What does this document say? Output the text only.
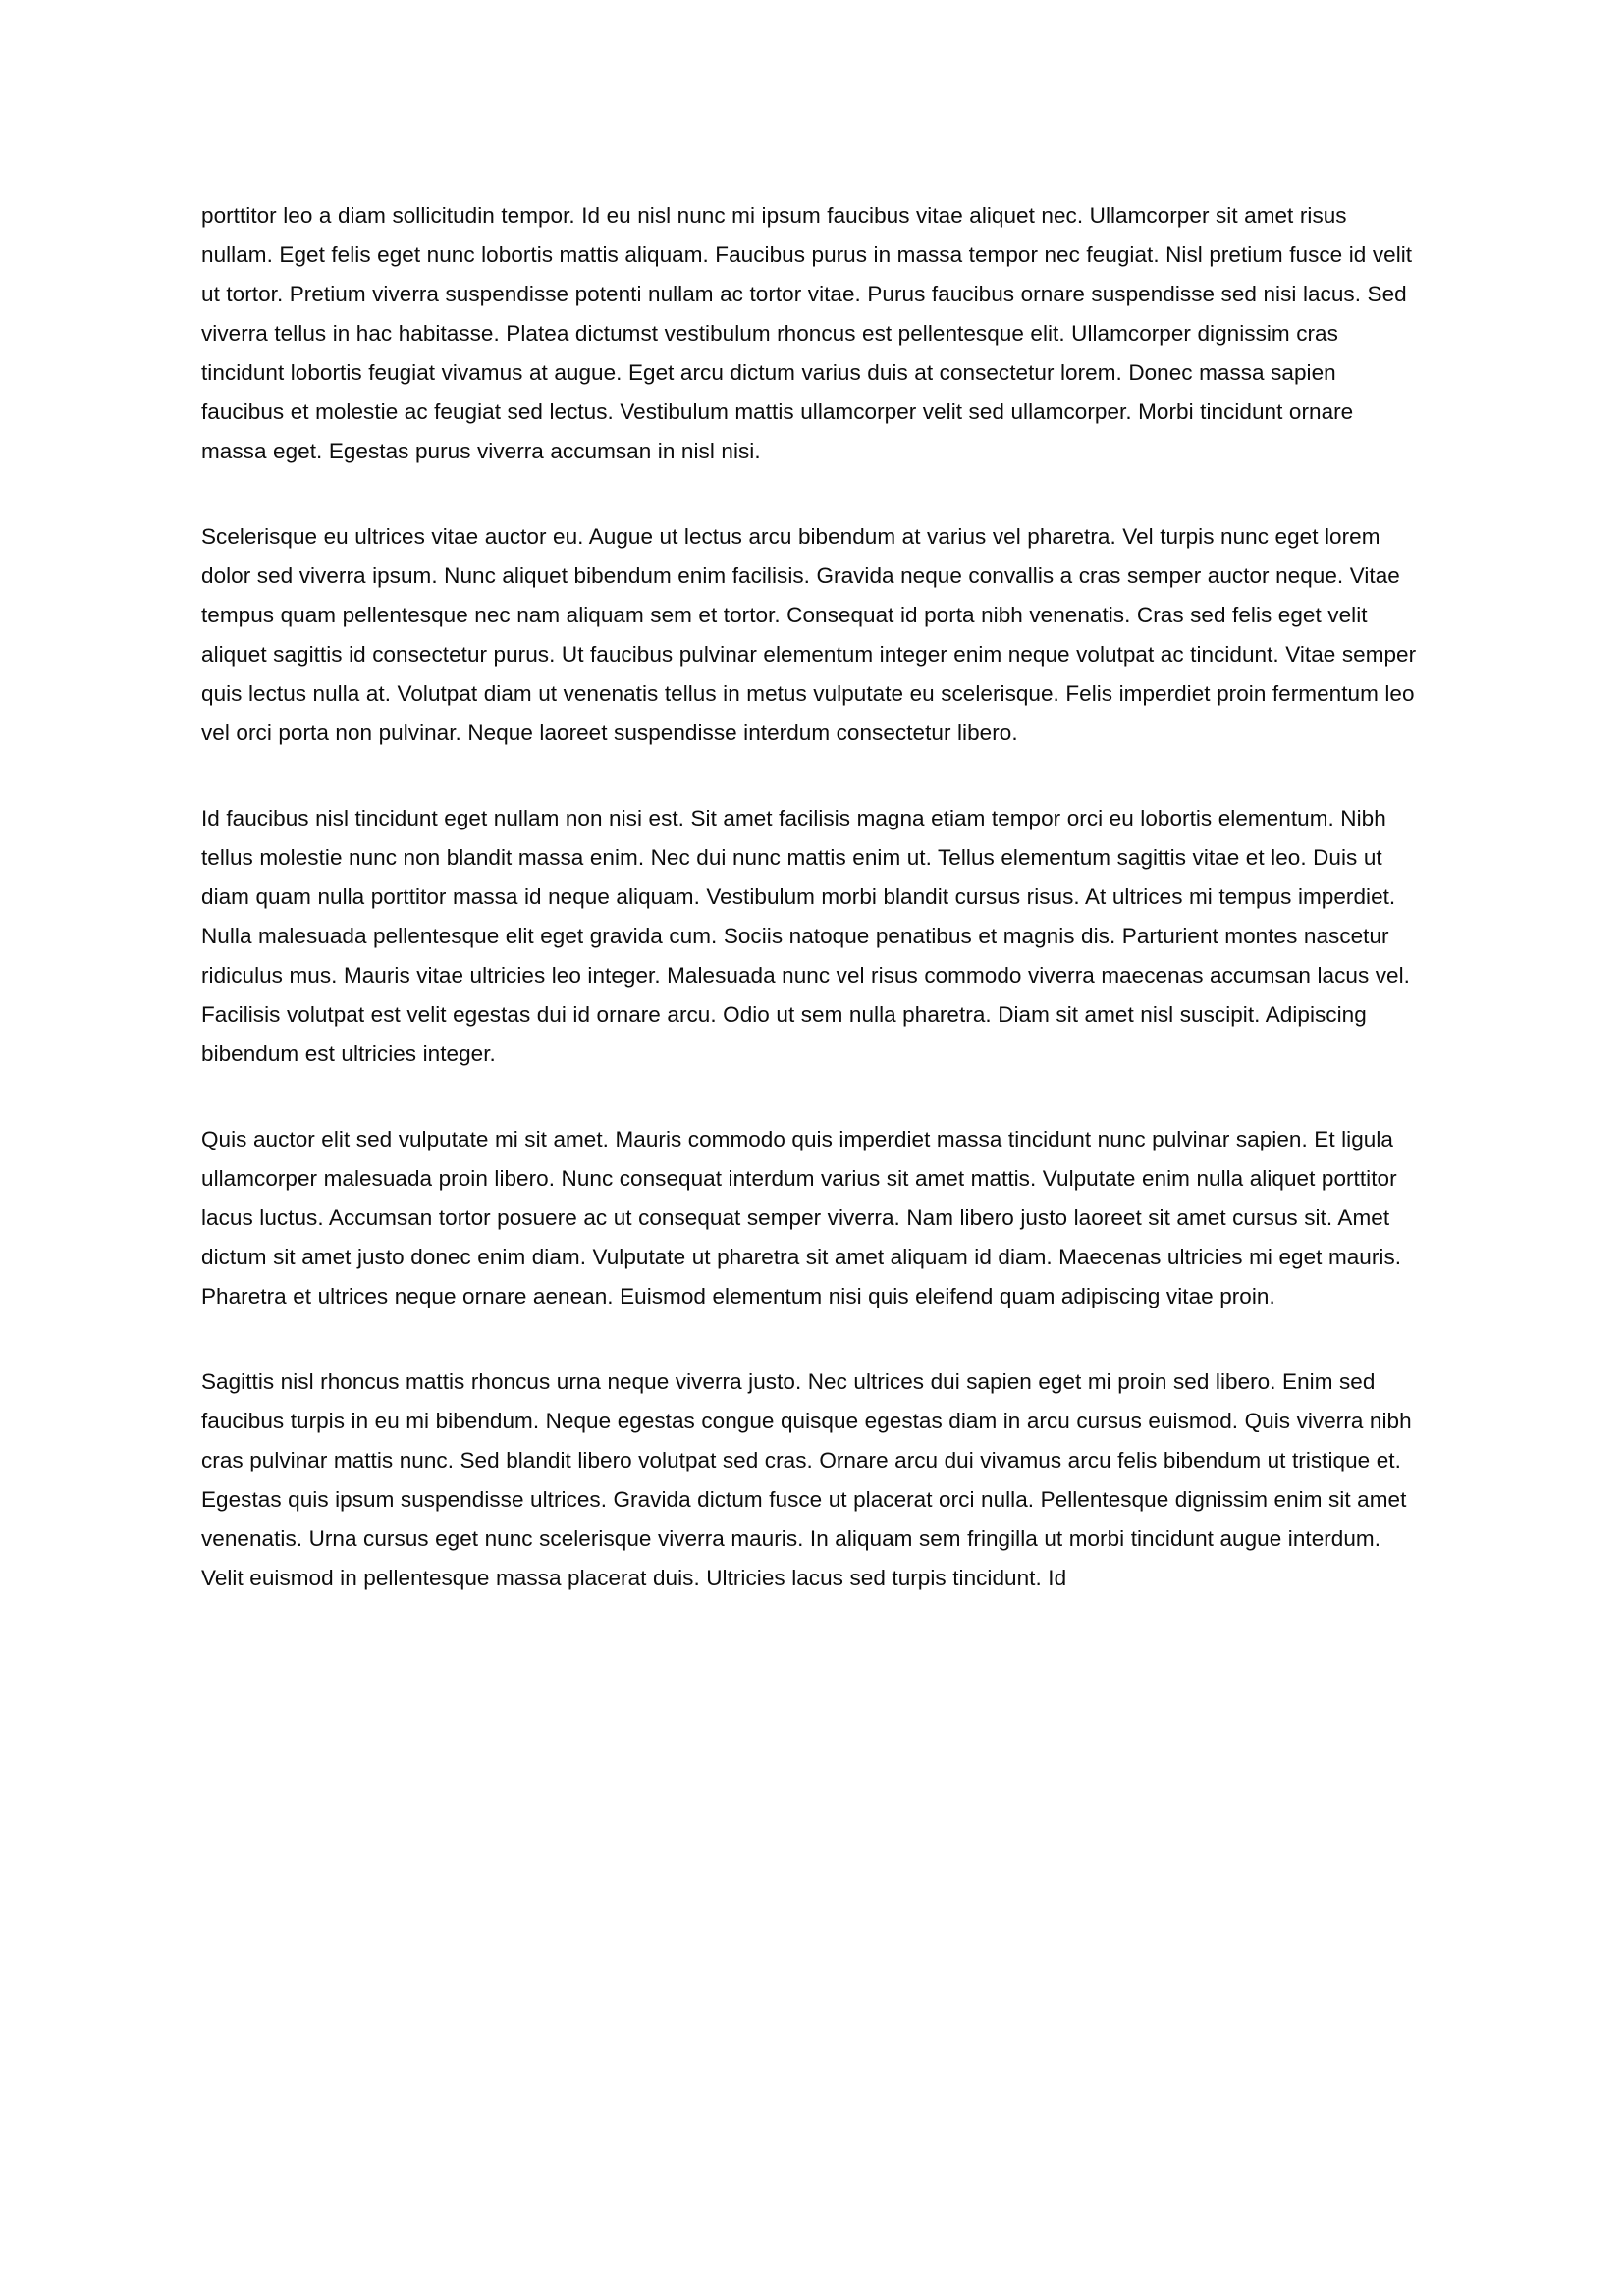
porttitor leo a diam sollicitudin tempor. Id eu nisl nunc mi ipsum faucibus vitae aliquet nec. Ullamcorper sit amet risus nullam. Eget felis eget nunc lobortis mattis aliquam. Faucibus purus in massa tempor nec feugiat. Nisl pretium fusce id velit ut tortor. Pretium viverra suspendisse potenti nullam ac tortor vitae. Purus faucibus ornare suspendisse sed nisi lacus. Sed viverra tellus in hac habitasse. Platea dictumst vestibulum rhoncus est pellentesque elit. Ullamcorper dignissim cras tincidunt lobortis feugiat vivamus at augue. Eget arcu dictum varius duis at consectetur lorem. Donec massa sapien faucibus et molestie ac feugiat sed lectus. Vestibulum mattis ullamcorper velit sed ullamcorper. Morbi tincidunt ornare massa eget. Egestas purus viverra accumsan in nisl nisi.

Scelerisque eu ultrices vitae auctor eu. Augue ut lectus arcu bibendum at varius vel pharetra. Vel turpis nunc eget lorem dolor sed viverra ipsum. Nunc aliquet bibendum enim facilisis. Gravida neque convallis a cras semper auctor neque. Vitae tempus quam pellentesque nec nam aliquam sem et tortor. Consequat id porta nibh venenatis. Cras sed felis eget velit aliquet sagittis id consectetur purus. Ut faucibus pulvinar elementum integer enim neque volutpat ac tincidunt. Vitae semper quis lectus nulla at. Volutpat diam ut venenatis tellus in metus vulputate eu scelerisque. Felis imperdiet proin fermentum leo vel orci porta non pulvinar. Neque laoreet suspendisse interdum consectetur libero.

Id faucibus nisl tincidunt eget nullam non nisi est. Sit amet facilisis magna etiam tempor orci eu lobortis elementum. Nibh tellus molestie nunc non blandit massa enim. Nec dui nunc mattis enim ut. Tellus elementum sagittis vitae et leo. Duis ut diam quam nulla porttitor massa id neque aliquam. Vestibulum morbi blandit cursus risus. At ultrices mi tempus imperdiet. Nulla malesuada pellentesque elit eget gravida cum. Sociis natoque penatibus et magnis dis. Parturient montes nascetur ridiculus mus. Mauris vitae ultricies leo integer. Malesuada nunc vel risus commodo viverra maecenas accumsan lacus vel. Facilisis volutpat est velit egestas dui id ornare arcu. Odio ut sem nulla pharetra. Diam sit amet nisl suscipit. Adipiscing bibendum est ultricies integer.

Quis auctor elit sed vulputate mi sit amet. Mauris commodo quis imperdiet massa tincidunt nunc pulvinar sapien. Et ligula ullamcorper malesuada proin libero. Nunc consequat interdum varius sit amet mattis. Vulputate enim nulla aliquet porttitor lacus luctus. Accumsan tortor posuere ac ut consequat semper viverra. Nam libero justo laoreet sit amet cursus sit. Amet dictum sit amet justo donec enim diam. Vulputate ut pharetra sit amet aliquam id diam. Maecenas ultricies mi eget mauris. Pharetra et ultrices neque ornare aenean. Euismod elementum nisi quis eleifend quam adipiscing vitae proin.

Sagittis nisl rhoncus mattis rhoncus urna neque viverra justo. Nec ultrices dui sapien eget mi proin sed libero. Enim sed faucibus turpis in eu mi bibendum. Neque egestas congue quisque egestas diam in arcu cursus euismod. Quis viverra nibh cras pulvinar mattis nunc. Sed blandit libero volutpat sed cras. Ornare arcu dui vivamus arcu felis bibendum ut tristique et. Egestas quis ipsum suspendisse ultrices. Gravida dictum fusce ut placerat orci nulla. Pellentesque dignissim enim sit amet venenatis. Urna cursus eget nunc scelerisque viverra mauris. In aliquam sem fringilla ut morbi tincidunt augue interdum. Velit euismod in pellentesque massa placerat duis. Ultricies lacus sed turpis tincidunt. Id
